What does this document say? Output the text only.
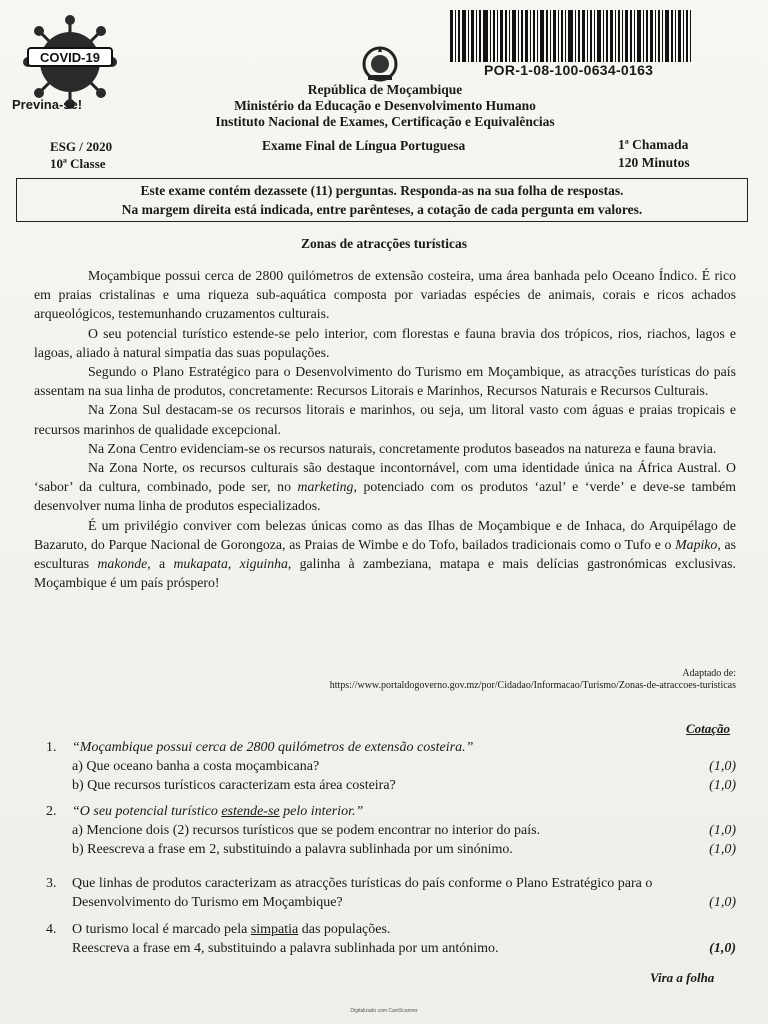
COVID-19
Previna-se!
POR-1-08-100-0634-0163
República de Moçambique
Ministério da Educação e Desenvolvimento Humano
Instituto Nacional de Exames, Certificação e Equivalências
ESG / 2020
10ª Classe
Exame Final de Língua Portuguesa	1ª Chamada
120 Minutos
Este exame contém dezassete (11) perguntas. Responda-as na sua folha de respostas.
Na margem direita está indicada, entre parênteses, a cotação de cada pergunta em valores.
Zonas de atracções turísticas

Moçambique possui cerca de 2800 quilómetros de extensão costeira, uma área banhada pelo Oceano Índico. É rico em praias cristalinas e uma riqueza sub-aquática composta por variadas espécies de animais, corais e ricos achados arqueológicos, testemunhando cruzamentos culturais.

O seu potencial turístico estende-se pelo interior, com florestas e fauna bravia dos trópicos, rios, riachos, lagos e lagoas, aliado à natural simpatia das suas populações.

Segundo o Plano Estratégico para o Desenvolvimento do Turismo em Moçambique, as atracções turísticas do país assentam na sua linha de produtos, concretamente: Recursos Litorais e Marinhos, Recursos Naturais e Recursos Culturais.

Na Zona Sul destacam-se os recursos litorais e marinhos, ou seja, um litoral vasto com águas e praias tropicais e recursos marinhos de qualidade excepcional.

Na Zona Centro evidenciam-se os recursos naturais, concretamente produtos baseados na natureza e fauna bravia.

Na Zona Norte, os recursos culturais são destaque incontornável, com uma identidade única na África Austral. O ‘sabor’ da cultura, combinado, pode ser, no marketing, potenciado com os produtos ‘azul’ e ‘verde’ e deve-se também desenvolver numa linha de produtos especializados.

É um privilégio conviver com belezas únicas como as das Ilhas de Moçambique e de Inhaca, do Arquipélago de Bazaruto, do Parque Nacional de Gorongoza, as Praias de Wimbe e do Tofo, bailados tradicionais como o Tufo e o Mapiko, as esculturas makonde, a mukapata, xiguinha, galinha à zambeziana, matapa e mais delícias gastronómicas exclusivas. Moçambique é um país próspero!

Adaptado de:
https://www.portaldogoverno.gov.mz/por/Cidadao/Informacao/Turismo/Zonas-de-atraccoes-turisticas
Cotação
1. “Moçambique possui cerca de 2800 quilómetros de extensão costeira.”
a) Que oceano banha a costa moçambicana?	(1,0)
b) Que recursos turísticos caracterizam esta área costeira?	(1,0)
2. “O seu potencial turístico estende-se pelo interior.”
a) Mencione dois (2) recursos turísticos que se podem encontrar no interior do país.	(1,0)
b) Reescreva a frase em 2, substituindo a palavra sublinhada por um sinónimo.	(1,0)
3. Que linhas de produtos caracterizam as atracções turísticas do país conforme o Plano Estratégico para o Desenvolvimento do Turismo em Moçambique?	(1,0)
4. O turismo local é marcado pela simpatia das populações.
Reescreva a frase em 4, substituindo a palavra sublinhada por um antónimo.	(1,0)
Vira a folha
Digitalizado com CamScanner
